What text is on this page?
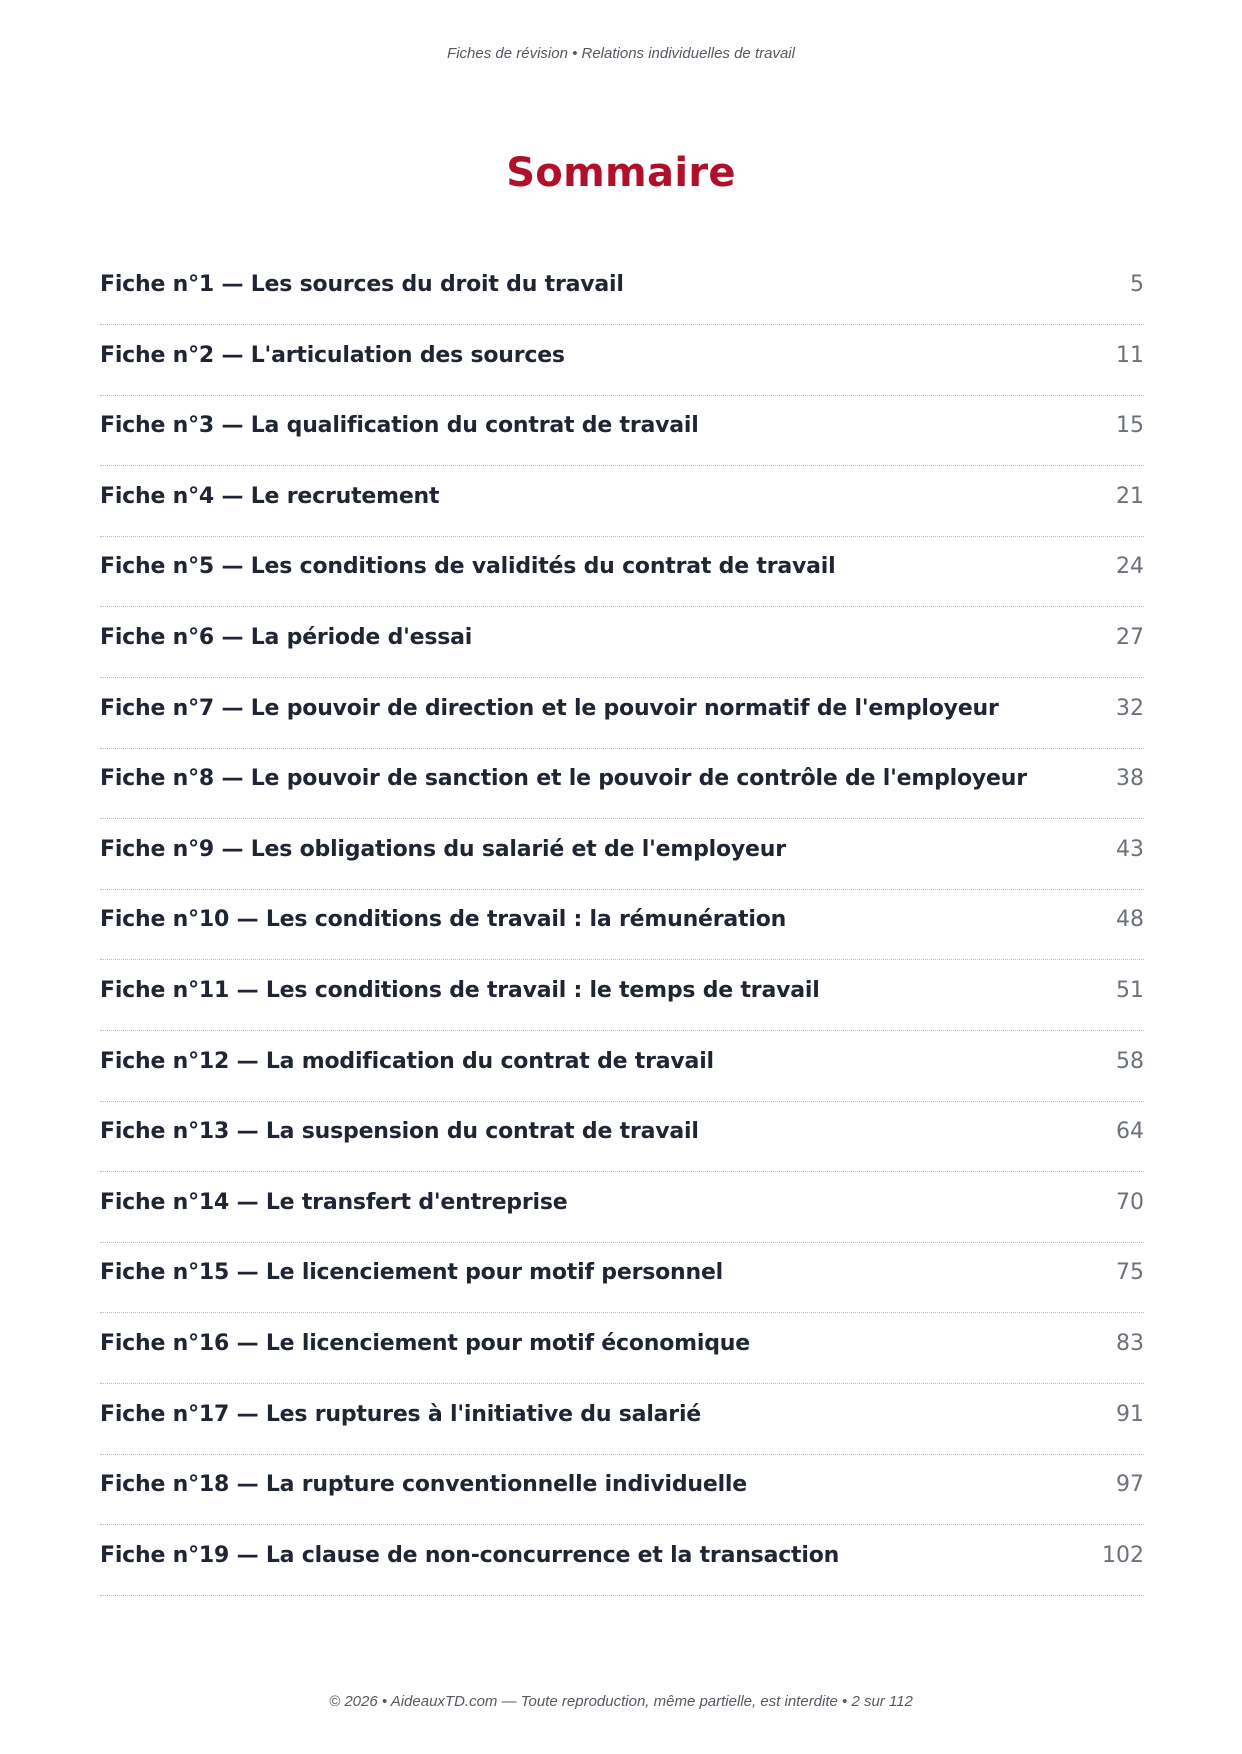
Fiches de révision • Relations individuelles de travail
Sommaire
Fiche n°1 — Les sources du droit du travail	5
Fiche n°2 — L'articulation des sources	11
Fiche n°3 — La qualification du contrat de travail	15
Fiche n°4 — Le recrutement	21
Fiche n°5 — Les conditions de validités du contrat de travail	24
Fiche n°6 — La période d'essai	27
Fiche n°7 — Le pouvoir de direction et le pouvoir normatif de l'employeur	32
Fiche n°8 — Le pouvoir de sanction et le pouvoir de contrôle de l'employeur	38
Fiche n°9 — Les obligations du salarié et de l'employeur	43
Fiche n°10 — Les conditions de travail : la rémunération	48
Fiche n°11 — Les conditions de travail : le temps de travail	51
Fiche n°12 — La modification du contrat de travail	58
Fiche n°13 — La suspension du contrat de travail	64
Fiche n°14 — Le transfert d'entreprise	70
Fiche n°15 — Le licenciement pour motif personnel	75
Fiche n°16 — Le licenciement pour motif économique	83
Fiche n°17 — Les ruptures à l'initiative du salarié	91
Fiche n°18 — La rupture conventionnelle individuelle	97
Fiche n°19 — La clause de non-concurrence et la transaction	102
© 2026 • AideauxTD.com — Toute reproduction, même partielle, est interdite • 2 sur 112
